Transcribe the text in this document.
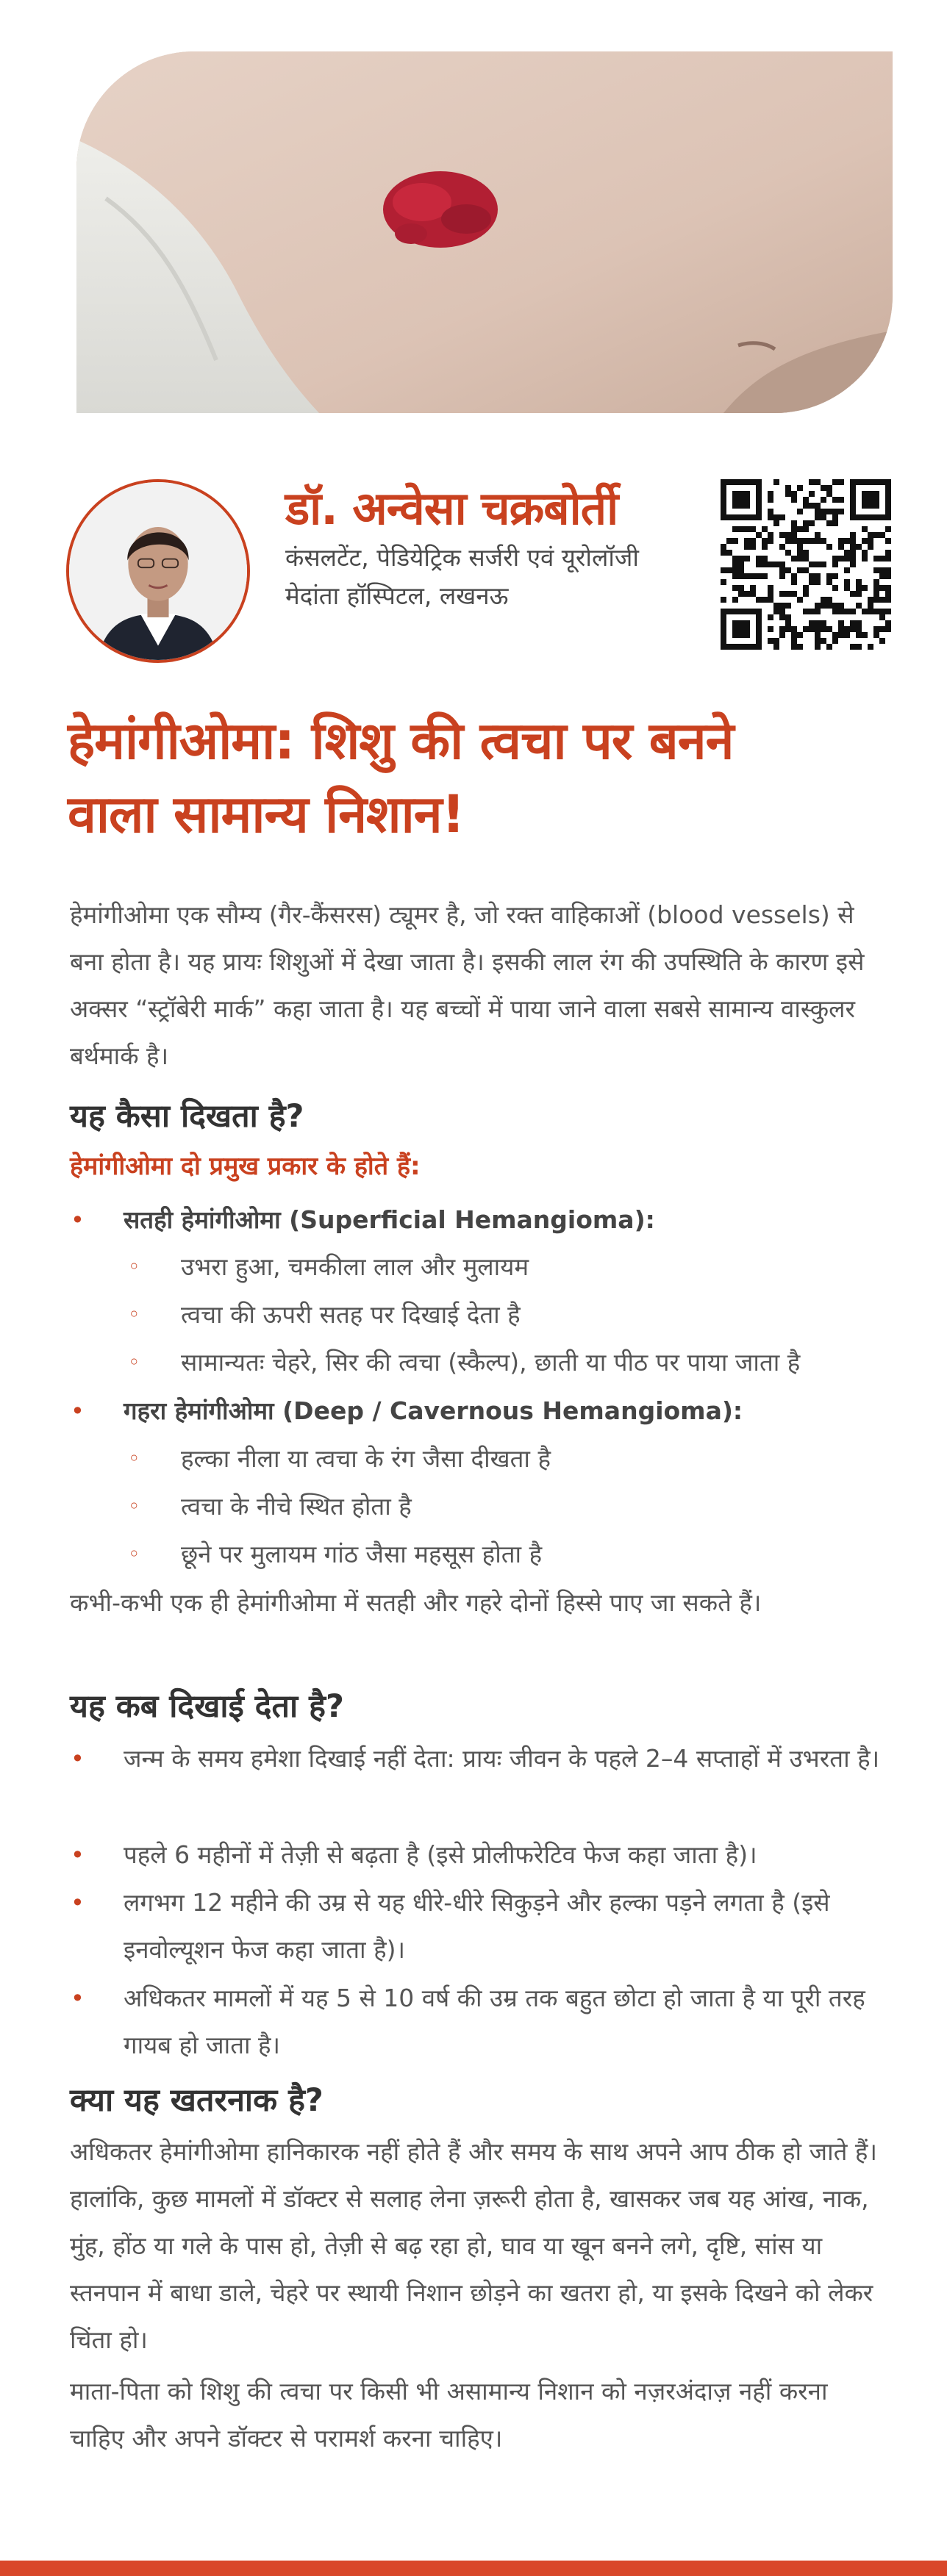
डॉ. अन्वेसा चक्रबोर्ती
कंसलटेंट, पेडियेट्रिक सर्जरी एवं यूरोलॉजी
मेदांता हॉस्पिटल, लखनऊ
हेमांगीओमा: शिशु की त्वचा पर बनने
वाला सामान्य निशान!
हेमांगीओमा एक सौम्य (गैर-कैंसरस) ट्यूमर है, जो रक्त वाहिकाओं (blood vessels) से बना होता है। यह प्रायः शिशुओं में देखा जाता है। इसकी लाल रंग की उपस्थिति के कारण इसे अक्सर “स्ट्रॉबेरी मार्क” कहा जाता है। यह बच्चों में पाया जाने वाला सबसे सामान्य वास्कुलर बर्थमार्क है।
यह कैसा दिखता है?
हेमांगीओमा दो प्रमुख प्रकार के होते हैं:
• सतही हेमांगीओमा (Superficial Hemangioma):
◦ उभरा हुआ, चमकीला लाल और मुलायम
◦ त्वचा की ऊपरी सतह पर दिखाई देता है
◦ सामान्यतः चेहरे, सिर की त्वचा (स्कैल्प), छाती या पीठ पर पाया जाता है
• गहरा हेमांगीओमा (Deep / Cavernous Hemangioma):
◦ हल्का नीला या त्वचा के रंग जैसा दीखता है
◦ त्वचा के नीचे स्थित होता है
◦ छूने पर मुलायम गांठ जैसा महसूस होता है
कभी-कभी एक ही हेमांगीओमा में सतही और गहरे दोनों हिस्से पाए जा सकते हैं।
यह कब दिखाई देता है?
• जन्म के समय हमेशा दिखाई नहीं देता: प्रायः जीवन के पहले 2–4 सप्ताहों में उभरता है।
• पहले 6 महीनों में तेज़ी से बढ़ता है (इसे प्रोलीफरेटिव फेज कहा जाता है)।
• लगभग 12 महीने की उम्र से यह धीरे-धीरे सिकुड़ने और हल्का पड़ने लगता है (इसे इनवोल्यूशन फेज कहा जाता है)।
• अधिकतर मामलों में यह 5 से 10 वर्ष की उम्र तक बहुत छोटा हो जाता है या पूरी तरह गायब हो जाता है।
क्या यह खतरनाक है?
अधिकतर हेमांगीओमा हानिकारक नहीं होते हैं और समय के साथ अपने आप ठीक हो जाते हैं। हालांकि, कुछ मामलों में डॉक्टर से सलाह लेना ज़रूरी होता है, खासकर जब यह आंख, नाक, मुंह, होंठ या गले के पास हो, तेज़ी से बढ़ रहा हो, घाव या खून बनने लगे, दृष्टि, सांस या स्तनपान में बाधा डाले, चेहरे पर स्थायी निशान छोड़ने का खतरा हो, या इसके दिखने को लेकर चिंता हो।
माता-पिता को शिशु की त्वचा पर किसी भी असामान्य निशान को नज़रअंदाज़ नहीं करना चाहिए और अपने डॉक्टर से परामर्श करना चाहिए।
